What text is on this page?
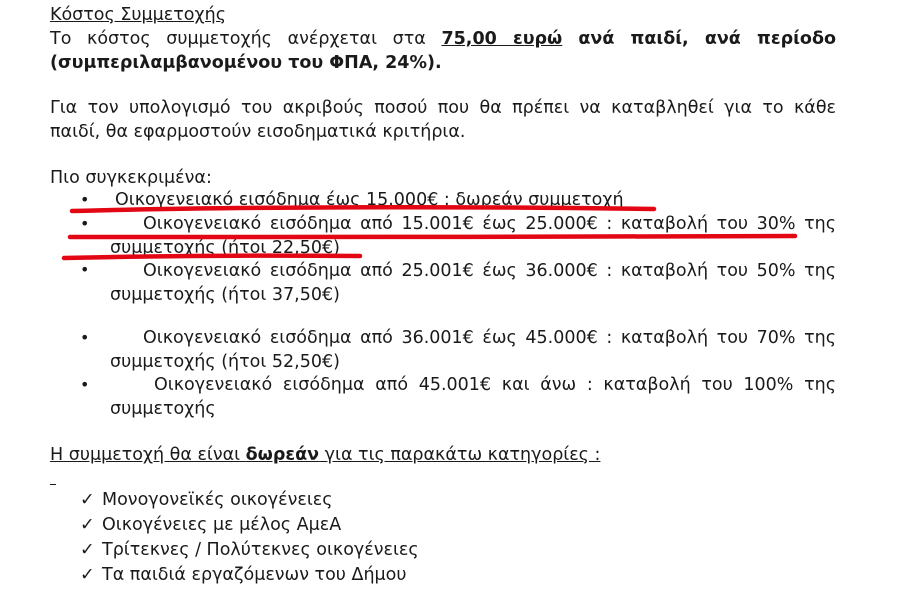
Κόστος Συμμετοχής
Το κόστος συμμετοχής ανέρχεται στα 75,00 ευρώ ανά παιδί, ανά περίοδο
(συμπεριλαμβανομένου του ΦΠΑ, 24%).
Για τον υπολογισμό του ακριβούς ποσού που θα πρέπει να καταβληθεί για το κάθε
παιδί, θα εφαρμοστούν εισοδηματικά κριτήρια.
Πιο συγκεκριμένα:
• Οικογενειακό εισόδημα έως 15.000€ : δωρεάν συμμετοχή
•	Οικογενειακό εισόδημα από 15.001€ έως 25.000€ : καταβολή του 30% της
συμμετοχής (ήτοι 22,50€)
•	Οικογενειακό εισόδημα από 25.001€ έως 36.000€ : καταβολή του 50% της
συμμετοχής (ήτοι 37,50€)
•	Οικογενειακό εισόδημα από 36.001€ έως 45.000€ : καταβολή του 70% της
συμμετοχής (ήτοι 52,50€)
•	Οικογενειακό εισόδημα από 45.001€ και άνω : καταβολή του 100% της
συμμετοχής
Η συμμετοχή θα είναι δωρεάν για τις παρακάτω κατηγορίες :
✓ Μονογονεϊκές οικογένειες
✓ Οικογένειες με μέλος ΑμεΑ
✓ Τρίτεκνες / Πολύτεκνες οικογένειες
✓ Τα παιδιά εργαζόμενων του Δήμου
